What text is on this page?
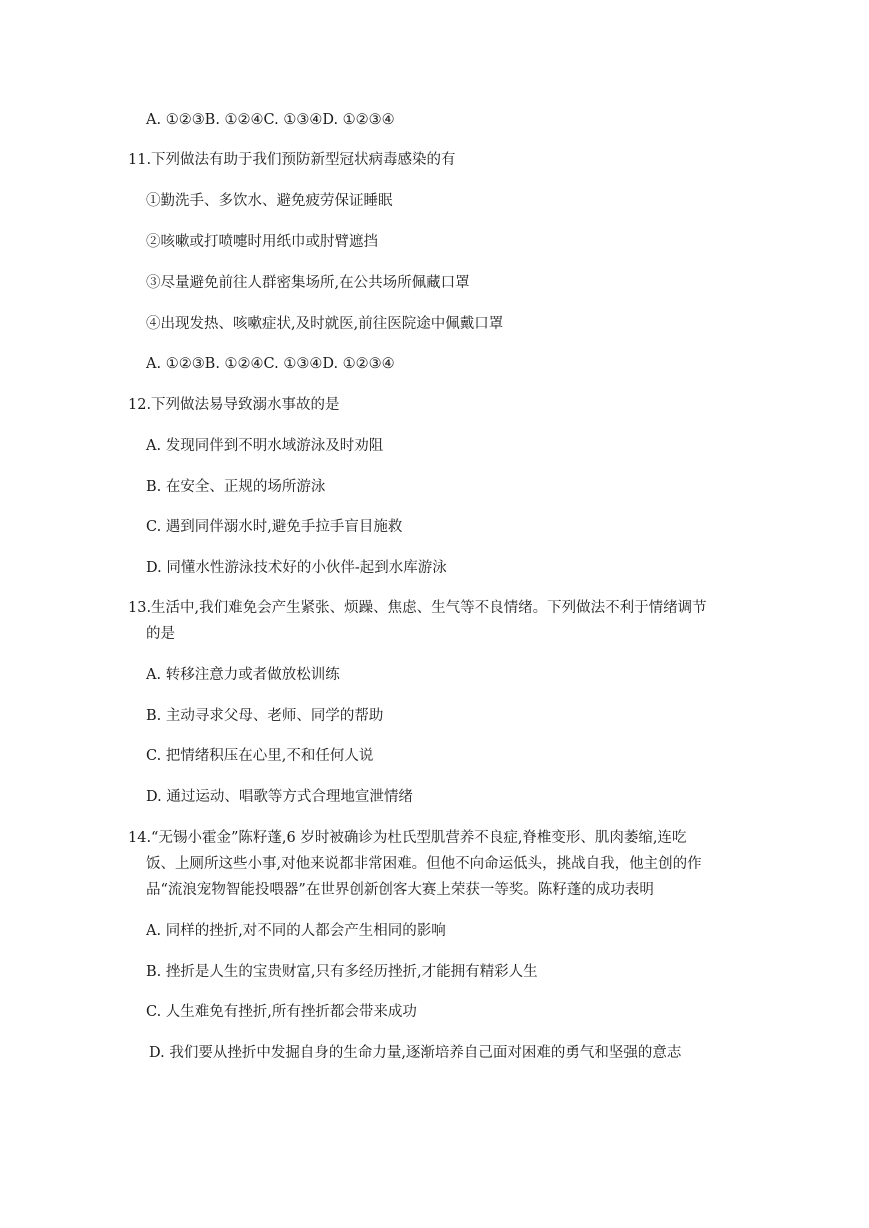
A. ①②③B. ①②④C. ①③④D. ①②③④
11.下列做法有助于我们预防新型冠状病毒感染的有
①勤洗手、多饮水、避免疲劳保证睡眠
②咳嗽或打喷嚏时用纸巾或肘臂遮挡
③尽量避免前往人群密集场所,在公共场所佩藏口罩
④出现发热、咳嗽症状,及时就医,前往医院途中佩戴口罩
A. ①②③B. ①②④C. ①③④D. ①②③④
12.下列做法易导致溺水事故的是
A. 发现同伴到不明水域游泳及时劝阻
B. 在安全、正规的场所游泳
C. 遇到同伴溺水时,避免手拉手盲目施救
D. 同懂水性游泳技术好的小伙伴-起到水库游泳
13.生活中,我们难免会产生紧张、烦躁、焦虑、生气等不良情绪。下列做法不利于情绪调节
的是
A. 转移注意力或者做放松训练
B. 主动寻求父母、老师、同学的帮助
C. 把情绪积压在心里,不和任何人说
D. 通过运动、唱歌等方式合理地宣泄情绪
14.“无锡小霍金”陈籽蓬,6 岁时被确诊为杜氏型肌营养不良症,脊椎变形、肌肉萎缩,连吃
饭、上厕所这些小事,对他来说都非常困难。但他不向命运低头，挑战自我，他主创的作
品“流浪宠物智能投喂器”在世界创新创客大赛上荣获一等奖。陈籽蓬的成功表明
A. 同样的挫折,对不同的人都会产生相同的影响
B. 挫折是人生的宝贵财富,只有多经历挫折,才能拥有精彩人生
C. 人生难免有挫折,所有挫折都会带来成功
D. 我们要从挫折中发掘自身的生命力量,逐渐培养自己面对困难的勇气和坚强的意志
